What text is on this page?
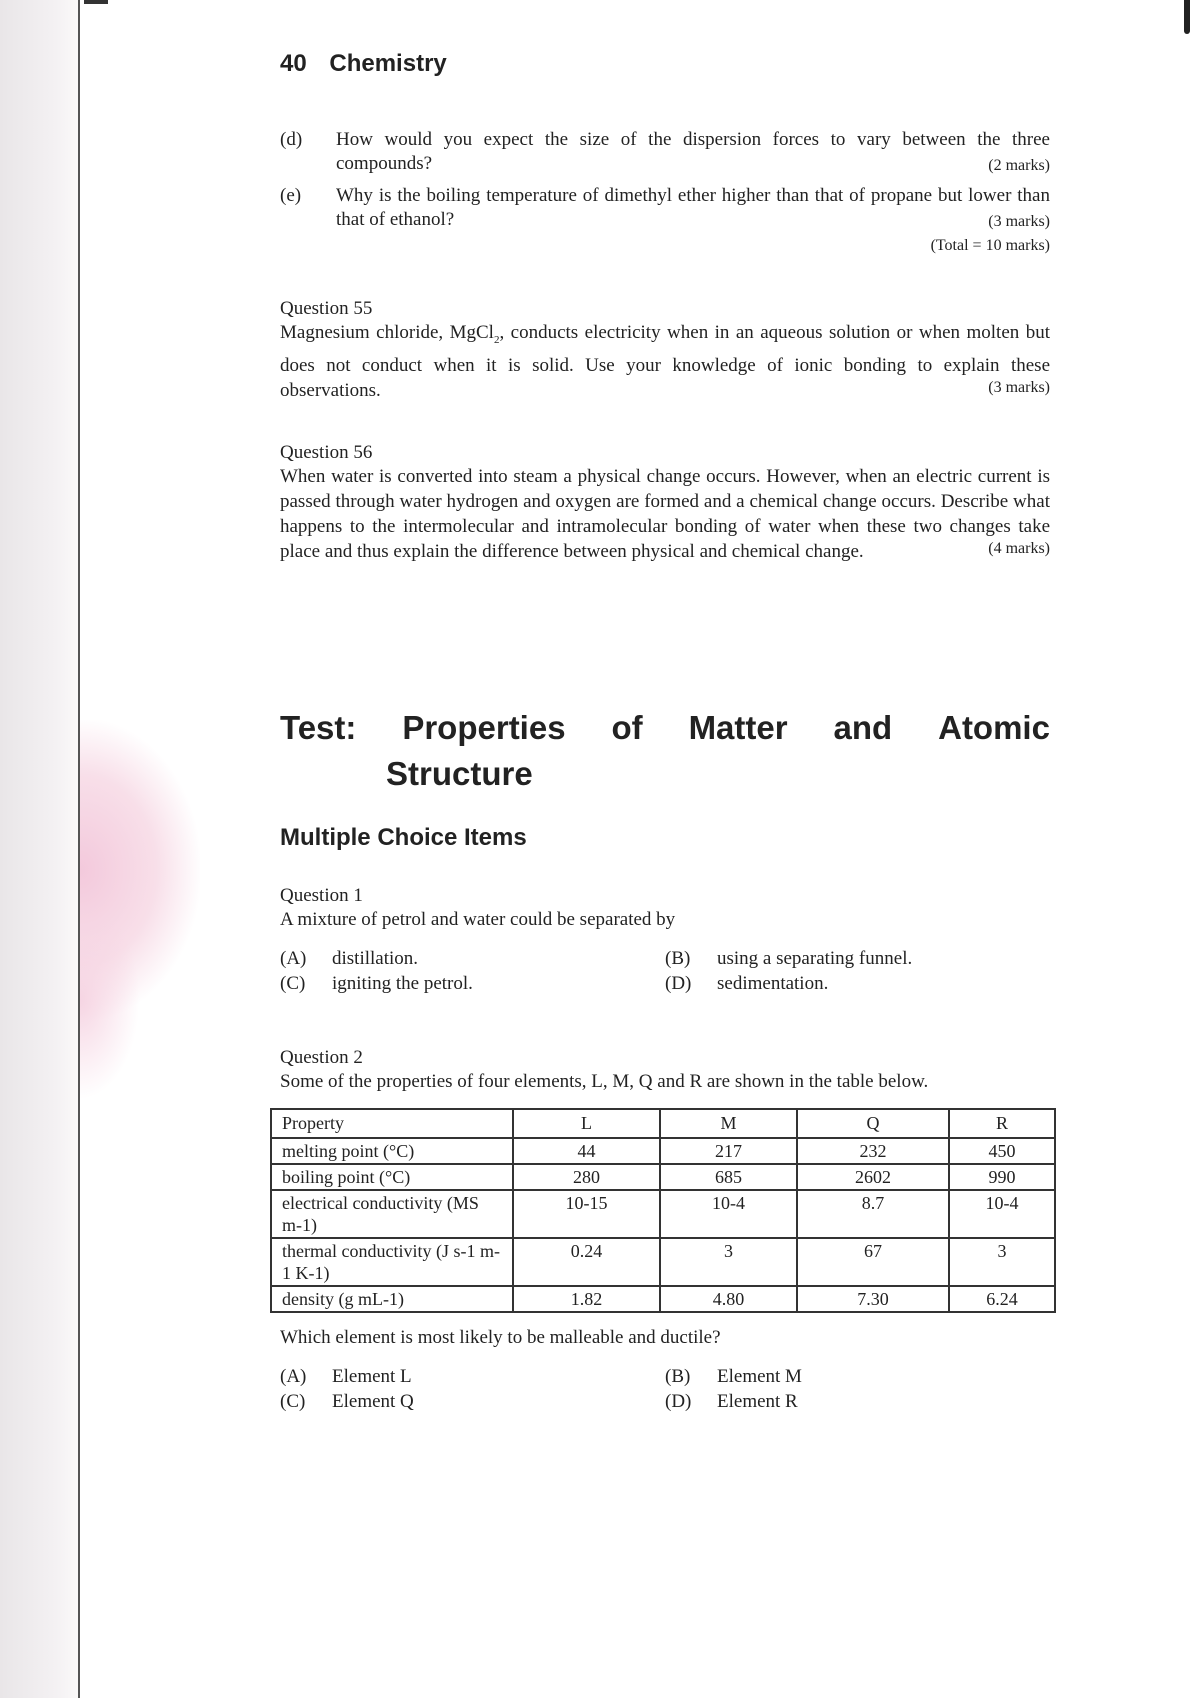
40 Chemistry
(d)	How would you expect the size of the dispersion forces to vary between the three compounds?	(2 marks)
(e)	Why is the boiling temperature of dimethyl ether higher than that of propane but lower than that of ethanol?	(3 marks)
(Total = 10 marks)
Question 55
Magnesium chloride, MgCl$_2$, conducts electricity when in an aqueous solution or when molten but does not conduct when it is solid. Use your knowledge of ionic bonding to explain these observations.	(3 marks)
Question 56
When water is converted into steam a physical change occurs. However, when an electric current is passed through water hydrogen and oxygen are formed and a chemical change occurs. Describe what happens to the intermolecular and intramolecular bonding of water when these two changes take place and thus explain the difference between physical and chemical change.	(4 marks)
Test: Properties of Matter and Atomic
Structure
Multiple Choice Items
Question 1
A mixture of petrol and water could be separated by
(A)	distillation.	(B)	using a separating funnel.
(C)	igniting the petrol.	(D)	sedimentation.
Question 2
Some of the properties of four elements, L, M, Q and R are shown in the table below.
Property	L	M	Q	R
melting point (°C)	44	217	232	450
boiling point (°C)	280	685	2602	990
electrical conductivity (MS m-1)	10-15	10-4	8.7	10-4
thermal conductivity (J s-1 m-1 K-1)	0.24	3	67	3
density (g mL-1)	1.82	4.80	7.30	6.24
Which element is most likely to be malleable and ductile?
(A)	Element L	(B)	Element M
(C)	Element Q	(D)	Element R
